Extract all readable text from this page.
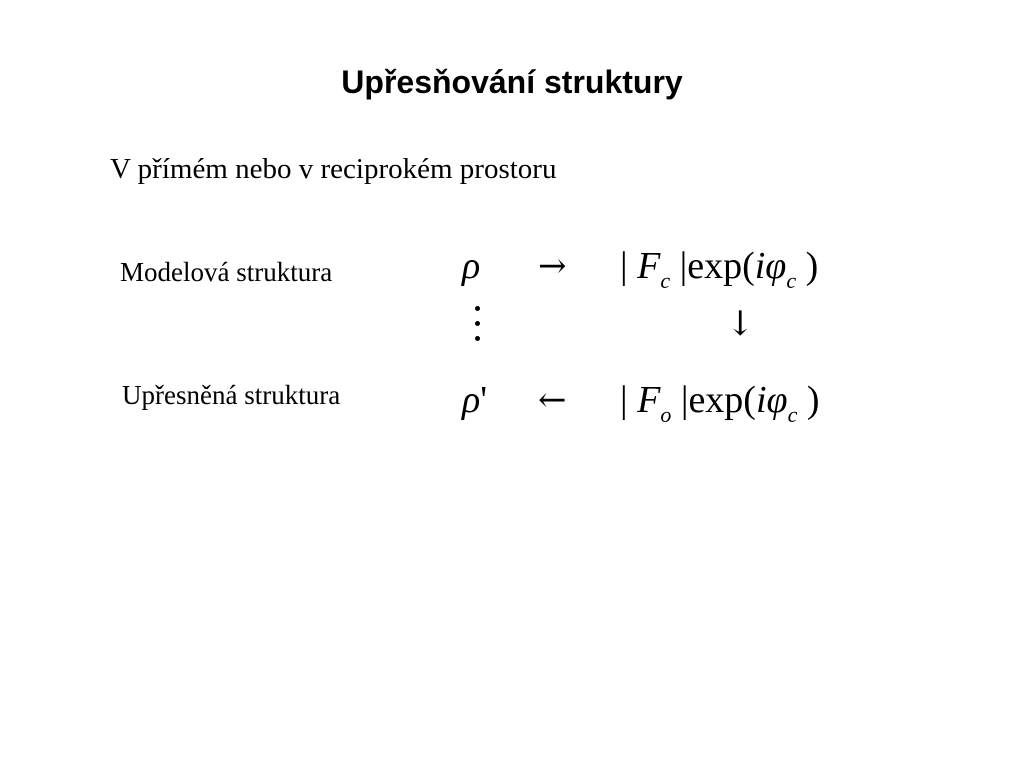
Upřesňování struktury
V přímém nebo v reciprokém prostoru
Modelová struktura
Upřesněná struktura
ρ → | $F_c$ $|\exp(i\varphi_c$ )
↓
ρ' ← | $F_o$ $|\exp(i\varphi_c$ )
